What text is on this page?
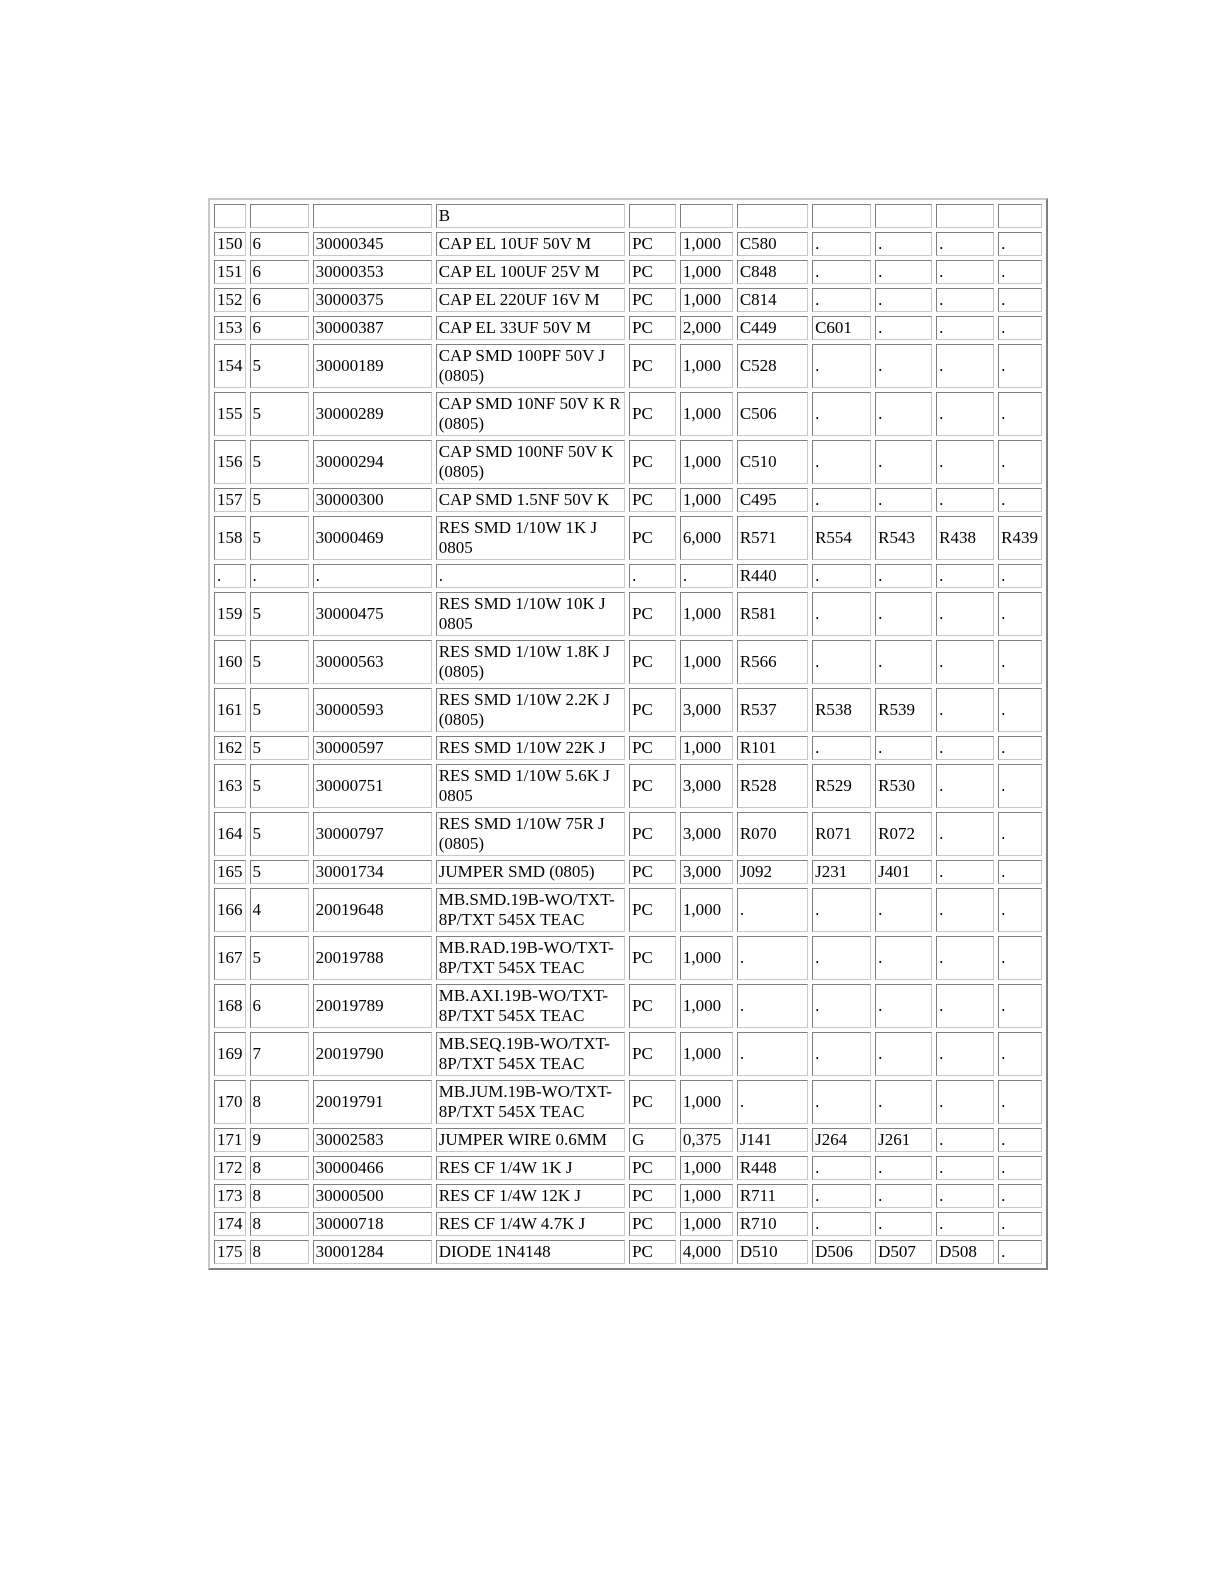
			B							
150	6	30000345	CAP EL 10UF 50V M	PC	1,000	C580	.	.	.	.
151	6	30000353	CAP EL 100UF 25V M	PC	1,000	C848	.	.	.	.
152	6	30000375	CAP EL 220UF 16V M	PC	1,000	C814	.	.	.	.
153	6	30000387	CAP EL 33UF 50V M	PC	2,000	C449	C601	.	.	.
154	5	30000189	CAP SMD 100PF 50V J (0805)	PC	1,000	C528	.	.	.	.
155	5	30000289	CAP SMD 10NF 50V K R (0805)	PC	1,000	C506	.	.	.	.
156	5	30000294	CAP SMD 100NF 50V K (0805)	PC	1,000	C510	.	.	.	.
157	5	30000300	CAP SMD 1.5NF 50V K	PC	1,000	C495	.	.	.	.
158	5	30000469	RES SMD 1/10W 1K J 0805	PC	6,000	R571	R554	R543	R438	R439
.	.	.	.	.	.	R440	.	.	.	.
159	5	30000475	RES SMD 1/10W 10K J 0805	PC	1,000	R581	.	.	.	.
160	5	30000563	RES SMD 1/10W 1.8K J (0805)	PC	1,000	R566	.	.	.	.
161	5	30000593	RES SMD 1/10W 2.2K J (0805)	PC	3,000	R537	R538	R539	.	.
162	5	30000597	RES SMD 1/10W 22K J	PC	1,000	R101	.	.	.	.
163	5	30000751	RES SMD 1/10W 5.6K J 0805	PC	3,000	R528	R529	R530	.	.
164	5	30000797	RES SMD 1/10W 75R J (0805)	PC	3,000	R070	R071	R072	.	.
165	5	30001734	JUMPER SMD (0805)	PC	3,000	J092	J231	J401	.	.
166	4	20019648	MB.SMD.19B-WO/TXT-8P/TXT 545X TEAC	PC	1,000	.	.	.	.	.
167	5	20019788	MB.RAD.19B-WO/TXT-8P/TXT 545X TEAC	PC	1,000	.	.	.	.	.
168	6	20019789	MB.AXI.19B-WO/TXT-8P/TXT 545X TEAC	PC	1,000	.	.	.	.	.
169	7	20019790	MB.SEQ.19B-WO/TXT-8P/TXT 545X TEAC	PC	1,000	.	.	.	.	.
170	8	20019791	MB.JUM.19B-WO/TXT-8P/TXT 545X TEAC	PC	1,000	.	.	.	.	.
171	9	30002583	JUMPER WIRE 0.6MM	G	0,375	J141	J264	J261	.	.
172	8	30000466	RES CF 1/4W 1K J	PC	1,000	R448	.	.	.	.
173	8	30000500	RES CF 1/4W 12K J	PC	1,000	R711	.	.	.	.
174	8	30000718	RES CF 1/4W 4.7K J	PC	1,000	R710	.	.	.	.
175	8	30001284	DIODE 1N4148	PC	4,000	D510	D506	D507	D508	.
